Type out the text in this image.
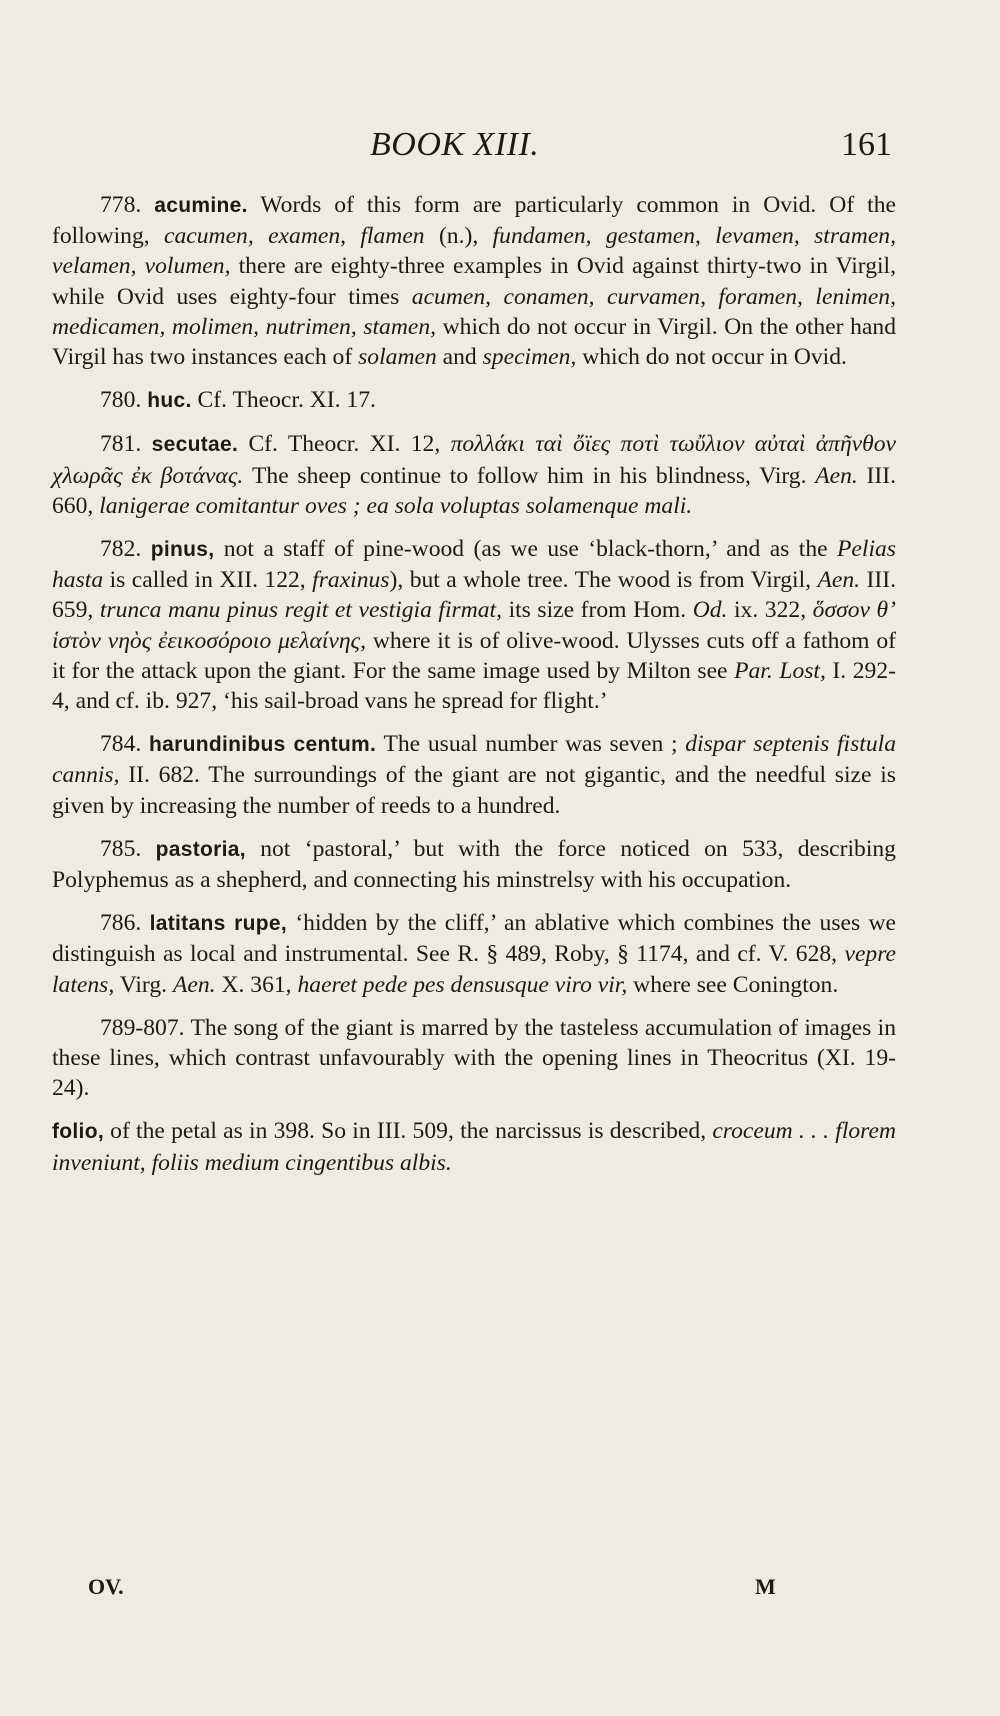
BOOK XIII.	161

778. acumine. Words of this form are particularly common in Ovid. Of the following, cacumen, examen, flamen (n.), fundamen, gestamen, levamen, stramen, velamen, volumen, there are eighty-three examples in Ovid against thirty-two in Virgil, while Ovid uses eighty-four times acumen, conamen, curvamen, foramen, lenimen, medicamen, molimen, nutrimen, stamen, which do not occur in Virgil. On the other hand Virgil has two instances each of solamen and specimen, which do not occur in Ovid.

780. huc. Cf. Theocr. XI. 17.

781. secutae. Cf. Theocr. XI. 12, πολλάκι ταὶ ὄϊες ποτὶ τωὔλιον αὐταὶ ἀπῆνθον χλωρᾶς ἐκ βοτάνας. The sheep continue to follow him in his blindness, Virg. Aen. III. 660, lanigerae comitantur oves ; ea sola voluptas solamenque mali.

782. pinus, not a staff of pine-wood (as we use ‘black-thorn,’ and as the Pelias hasta is called in XII. 122, fraxinus), but a whole tree. The wood is from Virgil, Aen. III. 659, trunca manu pinus regit et vestigia firmat, its size from Hom. Od. ix. 322, ὅσσον θ’ ἱστὸν νηὸς ἐεικοσόροιο μελαίνης, where it is of olive-wood. Ulysses cuts off a fathom of it for the attack upon the giant. For the same image used by Milton see Par. Lost, I. 292-4, and cf. ib. 927, ‘his sail-broad vans he spread for flight.’

784. harundinibus centum. The usual number was seven ; dispar septenis fistula cannis, II. 682. The surroundings of the giant are not gigantic, and the needful size is given by increasing the number of reeds to a hundred.

785. pastoria, not ‘pastoral,’ but with the force noticed on 533, describing Polyphemus as a shepherd, and connecting his minstrelsy with his occupation.

786. latitans rupe, ‘hidden by the cliff,’ an ablative which combines the uses we distinguish as local and instrumental. See R. § 489, Roby, § 1174, and cf. V. 628, vepre latens, Virg. Aen. X. 361, haeret pede pes densusque viro vir, where see Conington.

789-807. The song of the giant is marred by the tasteless accumulation of images in these lines, which contrast unfavourably with the opening lines in Theocritus (XI. 19-24).

folio, of the petal as in 398. So in III. 509, the narcissus is described, croceum . . . florem inveniunt, foliis medium cingentibus albis.

OV.	M
